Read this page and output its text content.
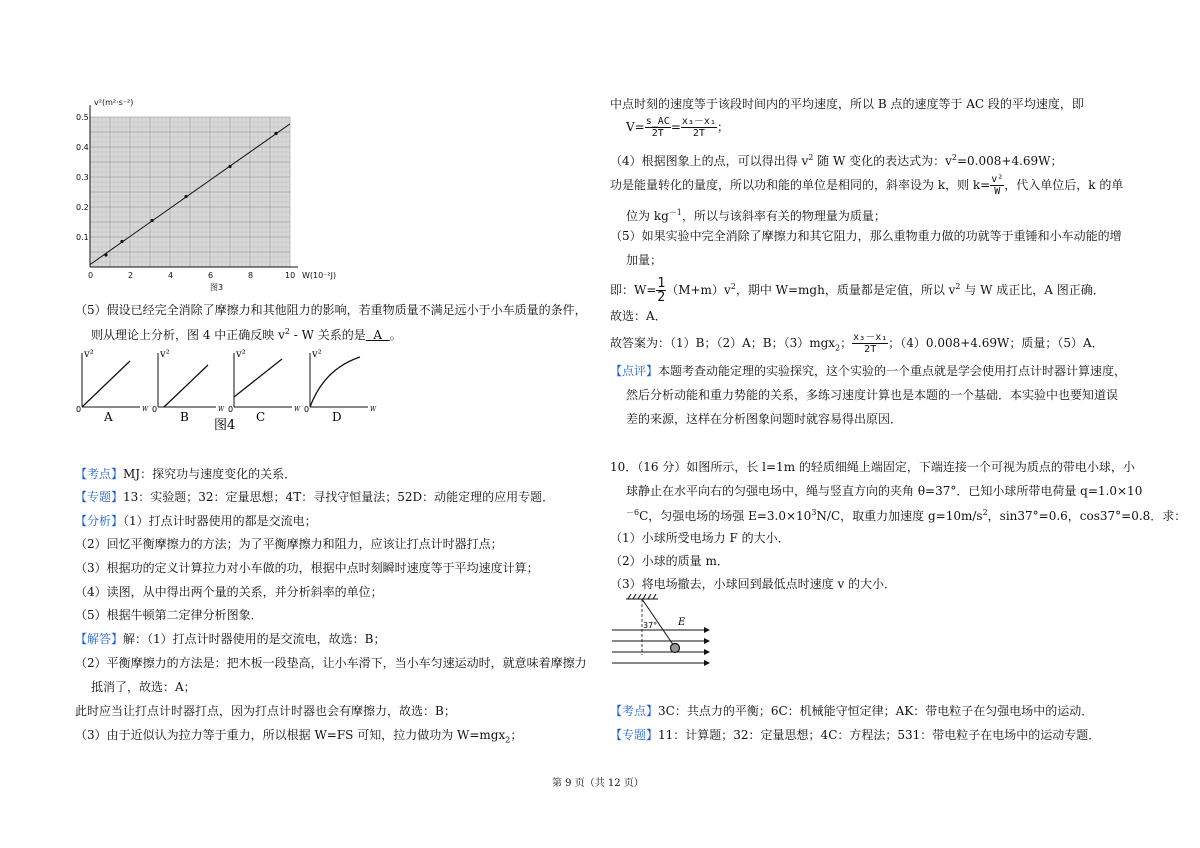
0.5
0.4
0.3
0.2
0.1
0	2	4	6	8	10
v²(m²·s⁻²)
W(10⁻²J)
图3
（5）假设已经完全消除了摩擦力和其他阻力的影响，若重物质量不满足远小于小车质量的条件，
则从理论上分析，图 4 中正确反映 $v^2$ - W 关系的是  A  。
v²
0	W
A
v²
0	W
B
v²
0	W
C
v²
0	W
D
图4
【考点】MJ：探究功与速度变化的关系．
【专题】13：实验题；32：定量思想；4T：寻找守恒量法；52D：动能定理的应用专题．
【分析】（1）打点计时器使用的都是交流电；
（2）回忆平衡摩擦力的方法；为了平衡摩擦力和阻力，应该让打点计时器打点；
（3）根据功的定义计算拉力对小车做的功，根据中点时刻瞬时速度等于平均速度计算；
（4）读图，从中得出两个量的关系，并分析斜率的单位；
（5）根据牛顿第二定律分析图象．
【解答】解：（1）打点计时器使用的是交流电，故选：B；
（2）平衡摩擦力的方法是：把木板一段垫高，让小车滑下，当小车匀速运动时，就意味着摩擦力
抵消了，故选：A；
此时应当让打点计时器打点，因为打点计时器也会有摩擦力，故选：B；
（3）由于近似认为拉力等于重力，所以根据 W=FS 可知，拉力做功为 W=mgx$_2$；
中点时刻的速度等于该段时间内的平均速度，所以 B 点的速度等于 AC 段的平均速度，即
$V= \frac{s\_AC}{2T} = \frac{\text{x₃－x₁}}{2T}$ ；
（4）根据图象上的点，可以得出得 $v^2$ 随 W 变化的表达式为：$v^2=0.008+4.69W$；
功是能量转化的量度，所以功和能的单位是相同的，斜率设为 k，则 $k= \frac{\text{v²}}{W}$ ，代入单位后，k 的单
位为 $kg^{-1}$，所以与该斜率有关的物理量为质量；
（5）如果实验中完全消除了摩擦力和其它阻力，那么重物重力做的功就等于重锤和小车动能的增
加量；
即：$W= \frac{1}{2} (M+m)v^2$，期中 W=mgh，质量都是定值，所以 $v^2$ 与 W 成正比，A 图正确．
故选：A．
故答案为：（1）B；（2）A；B；（3）mgx$_2$； $\frac{\text{x₃－x₁}}{2T}$ ；（4）0.008+4.69W；质量；（5）A．
【点评】本题考查动能定理的实验探究，这个实验的一个重点就是学会使用打点计时器计算速度，
然后分析动能和重力势能的关系，多练习速度计算也是本题的一个基础．本实验中也要知道误
差的来源，这样在分析图象问题时就容易得出原因．
10．（16 分）如图所示，长 l=1m 的轻质细绳上端固定，下端连接一个可视为质点的带电小球，小
球静止在水平向右的匀强电场中，绳与竖直方向的夹角 θ=37°．已知小球所带电荷量 q=1.0×10
$^{-6}$C，匀强电场的场强 $E=3.0\times 10^3N/C$，取重力加速度 $g=10m/s^2$，sin37°=0.6，cos37°=0.8．求：
（1）小球所受电场力 F 的大小．
（2）小球的质量 m．
（3）将电场撤去，小球回到最低点时速度 v 的大小．
37° E
【考点】3C：共点力的平衡；6C：机械能守恒定律；AK：带电粒子在匀强电场中的运动．
【专题】11：计算题；32：定量思想；4C：方程法；531：带电粒子在电场中的运动专题．
第 9 页（共 12 页）
